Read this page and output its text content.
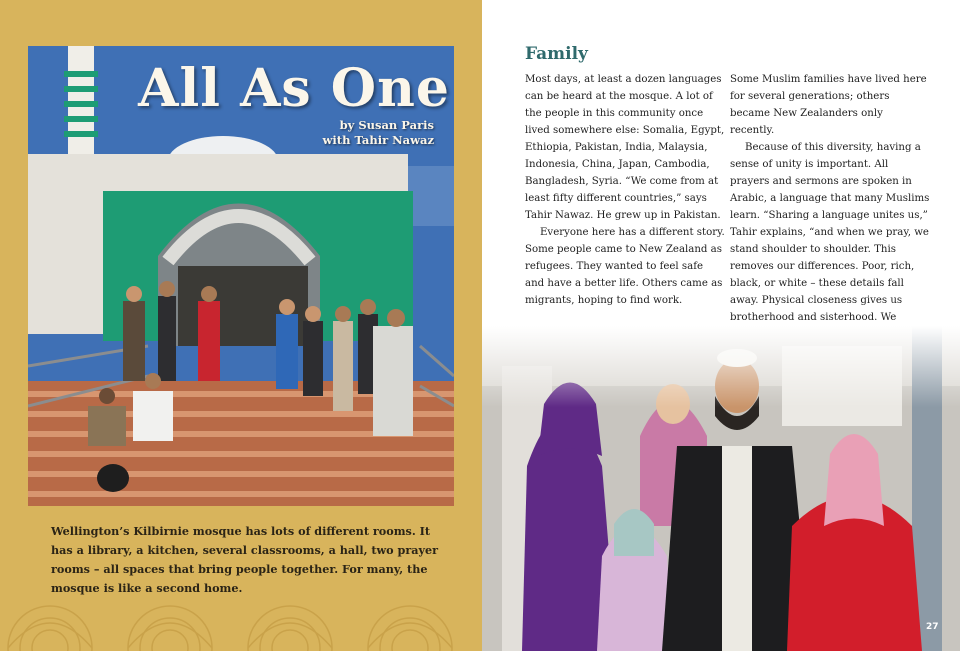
All As One
by Susan Paris
with Tahir Nawaz

Wellington’s Kilbirnie mosque has lots of different rooms. It has a library, a kitchen, several classrooms, a hall, two prayer rooms – all spaces that bring people together. For many, the mosque is like a second home.

Family

Most days, at least a dozen languages can be heard at the mosque. A lot of the people in this community once lived somewhere else: Somalia, Egypt, Ethiopia, Pakistan, India, Malaysia, Indonesia, China, Japan, Cambodia, Bangladesh, Syria. “We come from at least fifty different countries,” says Tahir Nawaz. He grew up in Pakistan.

Everyone here has a different story. Some people came to New Zealand as refugees. They wanted to feel safe and have a better life. Others came as migrants, hoping to find work.

Some Muslim families have lived here for several generations; others became New Zealanders only recently.

Because of this diversity, having a sense of unity is important. All prayers and sermons are spoken in Arabic, a language that many Muslims learn. “Sharing a language unites us,” Tahir explains, “and when we pray, we stand shoulder to shoulder. This removes our differences. Poor, rich, black, or white – these details fall away. Physical closeness gives us brotherhood and sisterhood. We

27
